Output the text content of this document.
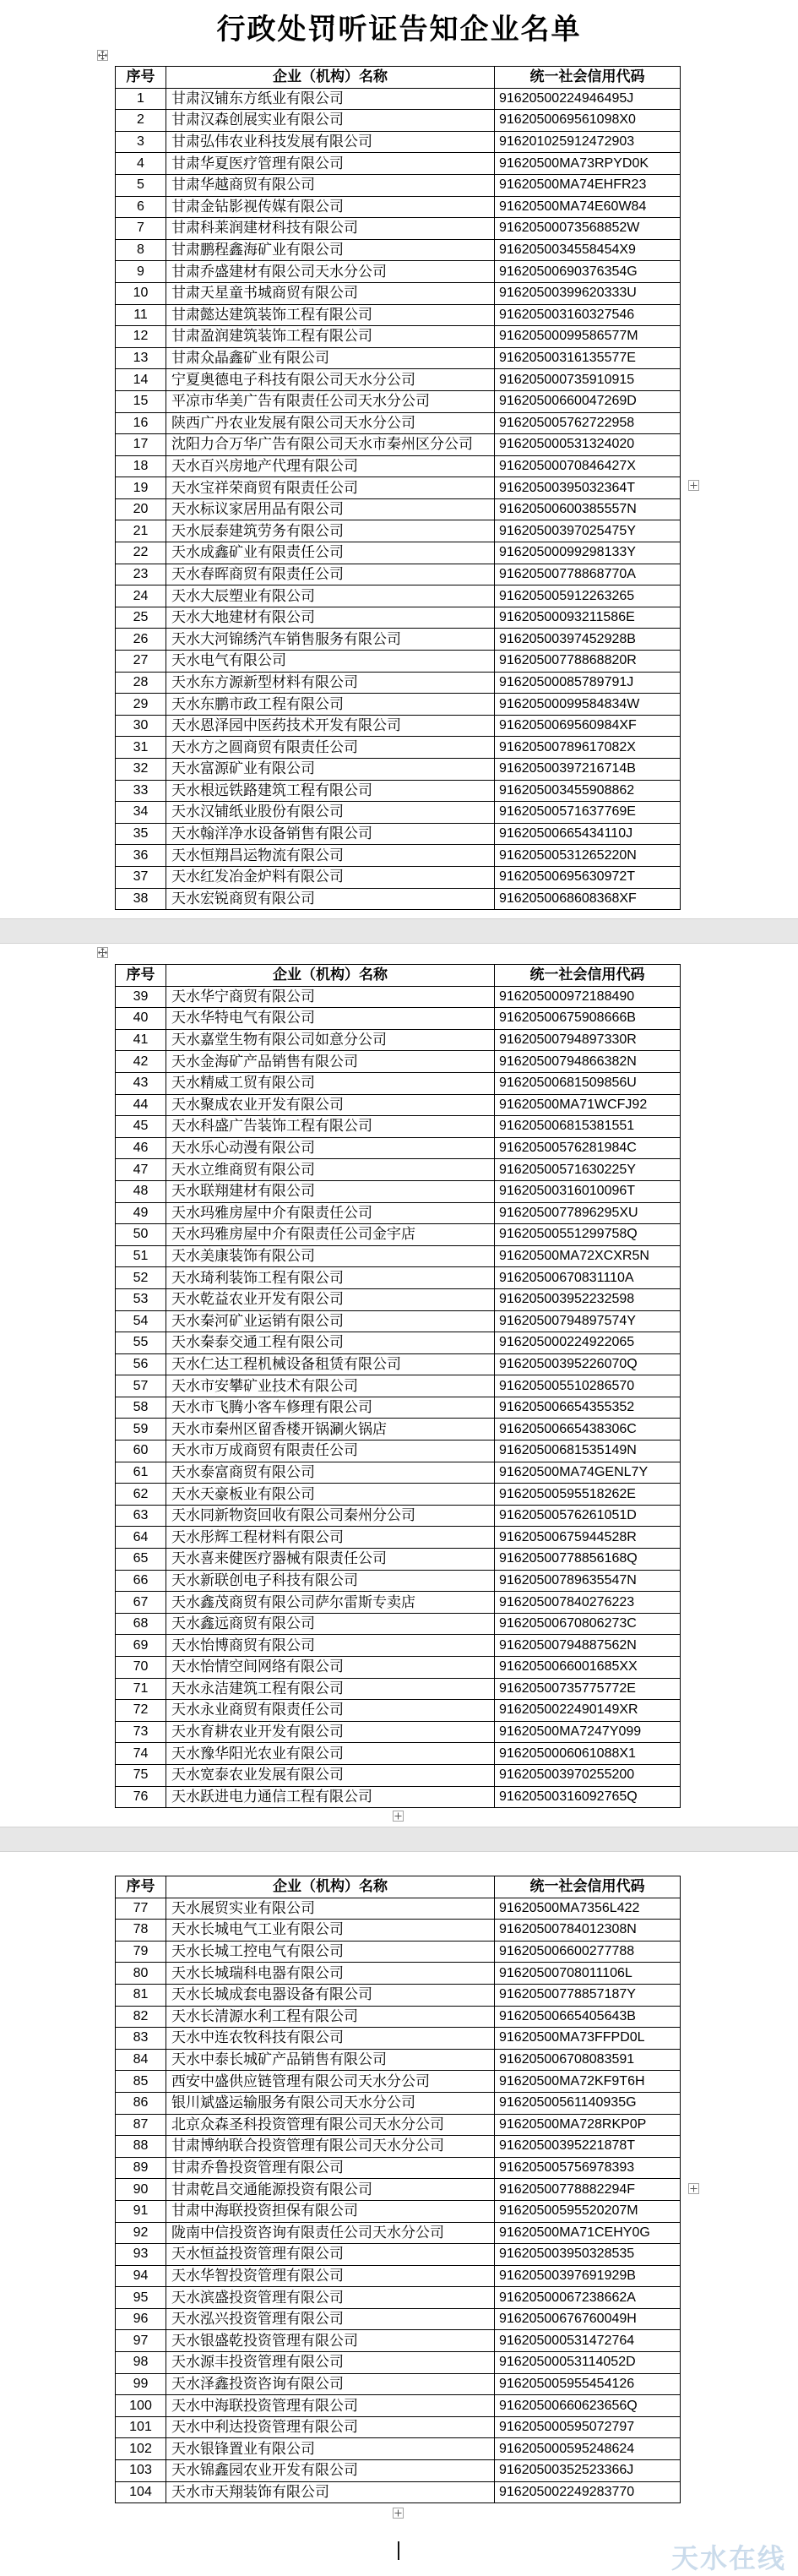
行政处罚听证告知企业名单
序号	企业（机构）名称	统一社会信用代码
1	甘肃汉铺东方纸业有限公司	91620500224946495J
2	甘肃汉森创展实业有限公司	9162050069561098X0
3	甘肃弘伟农业科技发展有限公司	916201025912472903
4	甘肃华夏医疗管理有限公司	91620500MA73RPYD0K
5	甘肃华越商贸有限公司	91620500MA74EHFR23
6	甘肃金钻影视传媒有限公司	91620500MA74E60W84
7	甘肃科莱润建材科技有限公司	91620500073568852W
8	甘肃鹏程鑫海矿业有限公司	9162050034558454X9
9	甘肃乔盛建材有限公司天水分公司	91620500690376354G
10	甘肃天星童书城商贸有限公司	91620500399620333U
11	甘肃懿达建筑装饰工程有限公司	916205003160327546
12	甘肃盈润建筑装饰工程有限公司	91620500099586577M
13	甘肃众晶鑫矿业有限公司	91620500316135577E
14	宁夏奥德电子科技有限公司天水分公司	916205000735910915
15	平凉市华美广告有限责任公司天水分公司	91620500660047269D
16	陕西广丹农业发展有限公司天水分公司	916205005762722958
17	沈阳力合万华广告有限公司天水市秦州区分公司	916205000531324020
18	天水百兴房地产代理有限公司	91620500070846427X
19	天水宝祥荣商贸有限责任公司	91620500395032364T
20	天水标议家居用品有限公司	91620500600385557N
21	天水辰泰建筑劳务有限公司	91620500397025475Y
22	天水成鑫矿业有限责任公司	91620500099298133Y
23	天水春晖商贸有限责任公司	91620500778868770A
24	天水大辰塑业有限公司	916205005912263265
25	天水大地建材有限公司	91620500093211586E
26	天水大河锦绣汽车销售服务有限公司	91620500397452928B
27	天水电气有限公司	91620500778868820R
28	天水东方源新型材料有限公司	91620500085789791J
29	天水东鹏市政工程有限公司	91620500099584834W
30	天水恩泽园中医药技术开发有限公司	9162050069560984XF
31	天水方之圆商贸有限责任公司	91620500789617082X
32	天水富源矿业有限公司	91620500397216714B
33	天水根远铁路建筑工程有限公司	916205003455908862
34	天水汉铺纸业股份有限公司	91620500571637769E
35	天水翰洋净水设备销售有限公司	91620500665434110J
36	天水恒翔昌运物流有限公司	91620500531265220N
37	天水红发冶金炉料有限公司	91620500695630972T
38	天水宏锐商贸有限公司	9162050068608368XF
序号	企业（机构）名称	统一社会信用代码
39	天水华宁商贸有限公司	916205000972188490
40	天水华特电气有限公司	91620500675908666B
41	天水嘉堂生物有限公司如意分公司	91620500794897330R
42	天水金海矿产品销售有限公司	91620500794866382N
43	天水精威工贸有限公司	91620500681509856U
44	天水聚成农业开发有限公司	91620500MA71WCFJ92
45	天水科盛广告装饰工程有限公司	916205006815381551
46	天水乐心动漫有限公司	91620500576281984C
47	天水立维商贸有限公司	91620500571630225Y
48	天水联翔建材有限公司	91620500316010096T
49	天水玛雅房屋中介有限责任公司	9162050077896295XU
50	天水玛雅房屋中介有限责任公司金宇店	91620500551299758Q
51	天水美康装饰有限公司	91620500MA72XCXR5N
52	天水琦利装饰工程有限公司	91620500670831110A
53	天水乾益农业开发有限公司	916205003952232598
54	天水秦河矿业运销有限公司	91620500794897574Y
55	天水秦泰交通工程有限公司	916205000224922065
56	天水仁达工程机械设备租赁有限公司	91620500395226070Q
57	天水市安攀矿业技术有限公司	916205005510286570
58	天水市飞腾小客车修理有限公司	916205006654355352
59	天水市秦州区留香楼开锅涮火锅店	91620500665438306C
60	天水市万成商贸有限责任公司	91620500681535149N
61	天水泰富商贸有限公司	91620500MA74GENL7Y
62	天水天豪板业有限公司	91620500595518262E
63	天水同新物资回收有限公司秦州分公司	91620500576261051D
64	天水彤辉工程材料有限公司	91620500675944528R
65	天水喜来健医疗器械有限责任公司	91620500778856168Q
66	天水新联创电子科技有限公司	91620500789635547N
67	天水鑫茂商贸有限公司萨尔雷斯专卖店	916205007840276223
68	天水鑫远商贸有限公司	91620500670806273C
69	天水怡博商贸有限公司	91620500794887562N
70	天水怡情空间网络有限公司	9162050066001685XX
71	天水永洁建筑工程有限公司	91620500735775772E
72	天水永业商贸有限责任公司	9162050022490149XR
73	天水育耕农业开发有限公司	91620500MA7247Y099
74	天水豫华阳光农业有限公司	9162050006061088X1
75	天水宽泰农业发展有限公司	916205003970255200
76	天水跃进电力通信工程有限公司	91620500316092765Q
序号	企业（机构）名称	统一社会信用代码
77	天水展贸实业有限公司	91620500MA7356L422
78	天水长城电气工业有限公司	91620500784012308N
79	天水长城工控电气有限公司	916205006600277788
80	天水长城瑞科电器有限公司	91620500708011106L
81	天水长城成套电器设备有限公司	91620500778857187Y
82	天水长清源水利工程有限公司	91620500665405643B
83	天水中连农牧科技有限公司	91620500MA73FFPD0L
84	天水中泰长城矿产品销售有限公司	916205006708083591
85	西安中盛供应链管理有限公司天水分公司	91620500MA72KF9T6H
86	银川斌盛运输服务有限公司天水分公司	91620500561140935G
87	北京众森圣科投资管理有限公司天水分公司	91620500MA728RKP0P
88	甘肃博纳联合投资管理有限公司天水分公司	91620500395221878T
89	甘肃乔鲁投资管理有限公司	916205005756978393
90	甘肃乾昌交通能源投资有限公司	91620500778882294F
91	甘肃中海联投资担保有限公司	91620500595520207M
92	陇南中信投资咨询有限责任公司天水分公司	91620500MA71CEHY0G
93	天水恒益投资管理有限公司	916205003950328535
94	天水华智投资管理有限公司	91620500397691929B
95	天水滨盛投资管理有限公司	91620500067238662A
96	天水泓兴投资管理有限公司	91620500676760049H
97	天水银盛乾投资管理有限公司	916205000531472764
98	天水源丰投资管理有限公司	91620500053114052D
99	天水泽鑫投资咨询有限公司	916205005955454126
100	天水中海联投资管理有限公司	91620500660623656Q
101	天水中利达投资管理有限公司	916205000595072797
102	天水银锋置业有限公司	916205000595248624
103	天水锦鑫园农业开发有限公司	91620500352523366J
104	天水市天翔装饰有限公司	916205002249283770
天水在线
